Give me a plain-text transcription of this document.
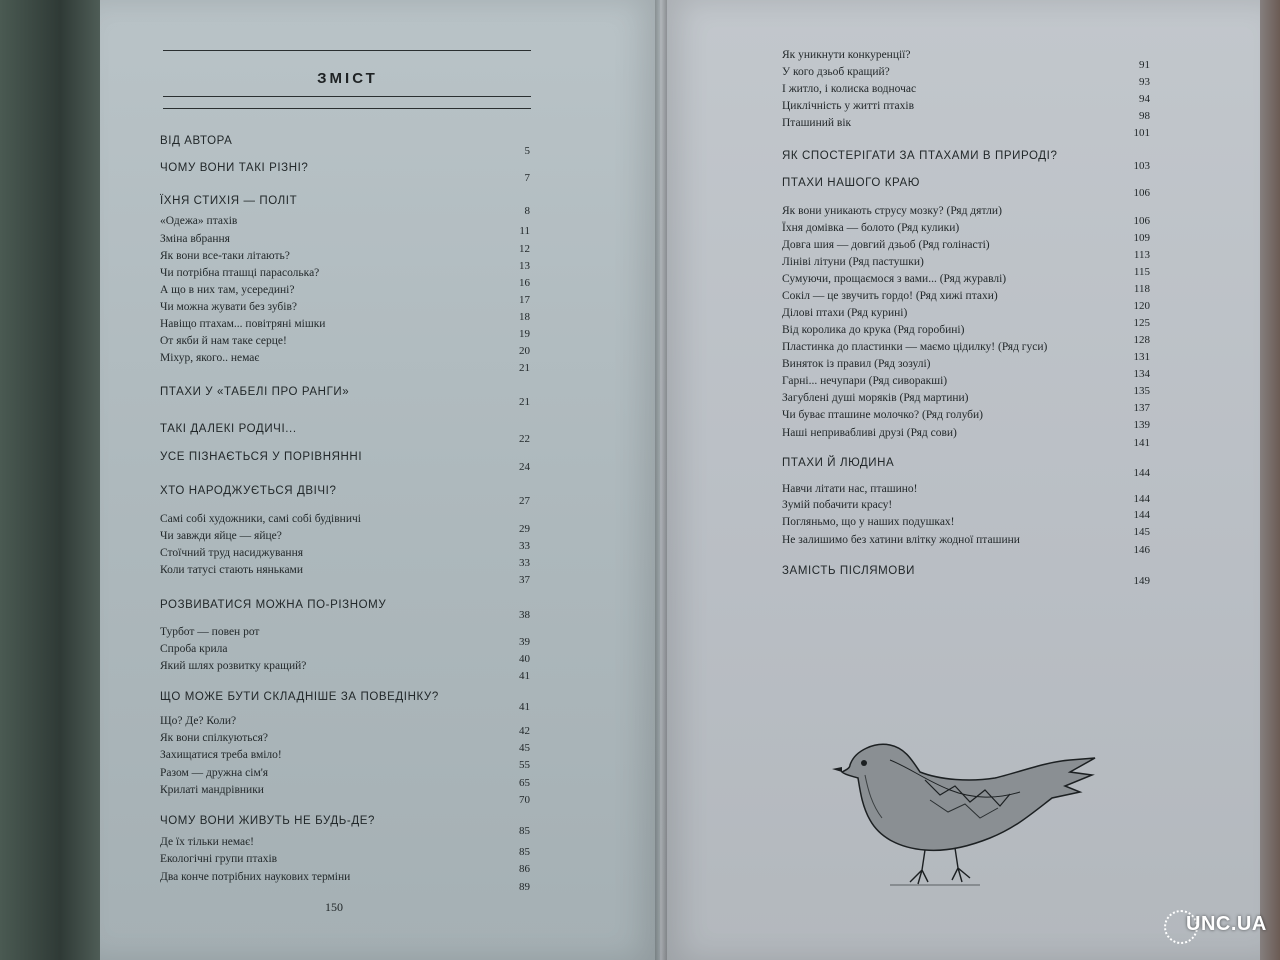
ЗМІСТ
ВІД АВТОРА
5
ЧОМУ ВОНИ ТАКІ РІЗНІ?
7
ЇХНЯ СТИХІЯ — ПОЛІТ
8
«Одежа» птахів
11
Зміна вбрання
12
Як вони все-таки літають?
13
Чи потрібна пташці парасолька?
16
А що в них там, усередині?
17
Чи можна жувати без зубів?
18
Навіщо птахам... повітряні мішки
19
От якби й нам таке серце!
20
Міхур, якого.. немає
21
ПТАХИ У «ТАБЕЛІ ПРО РАНГИ»
21
ТАКІ ДАЛЕКІ РОДИЧІ...
22
УСЕ ПІЗНАЄТЬСЯ У ПОРІВНЯННІ
24
ХТО НАРОДЖУЄТЬСЯ ДВІЧІ?
27
Самі собі художники, самі собі будівничі
29
Чи завжди яйце — яйце?
33
Стоїчний труд насиджування
33
Коли татусі стають няньками
37
РОЗВИВАТИСЯ МОЖНА ПО-РІЗНОМУ
38
Турбот — повен рот
39
Спроба крила
40
Який шлях розвитку кращий?
41
ЩО МОЖЕ БУТИ СКЛАДНІШЕ ЗА ПОВЕДІНКУ?
41
Що? Де? Коли?
42
Як вони спілкуються?
45
Захищатися треба вміло!
55
Разом — дружна сім'я
65
Крилаті мандрівники
70
ЧОМУ ВОНИ ЖИВУТЬ НЕ БУДЬ-ДЕ?
85
Де їх тільки немає!
85
Екологічні групи птахів
86
Два конче потрібних наукових терміни
89
Як уникнути конкуренції?
91
У кого дзьоб кращий?
93
І житло, і колиска водночас
94
Циклічність у житті птахів
98
Пташиний вік
101
ЯК СПОСТЕРІГАТИ ЗА ПТАХАМИ В ПРИРОДІ?
103
ПТАХИ НАШОГО КРАЮ
106
Як вони уникають струсу мозку? (Ряд дятли)
106
Їхня домівка — болото (Ряд кулики)
109
Довга шия — довгий дзьоб (Ряд голінасті)
113
Лініві літуни (Ряд пастушки)
115
Сумуючи, прощаємося з вами... (Ряд журавлі)
118
Сокіл — це звучить гордо! (Ряд хижі птахи)
120
Ділові птахи (Ряд курині)
125
Від королика до крука (Ряд горобині)
128
Пластинка до пластинки — маємо цідилку! (Ряд гуси)
131
Виняток із правил (Ряд зозулі)
134
Гарні... нечупари (Ряд сиворакші)
135
Загублені душі моряків (Ряд мартини)
137
Чи буває пташине молочко? (Ряд голуби)
139
Наші непривабливі друзі (Ряд сови)
141
ПТАХИ Й ЛЮДИНА
144
Навчи літати нас, пташино!
144
Зумій побачити красу!
144
Погляньмо, що у наших подушках!
145
Не залишимо без хатини влітку жодної пташини
146
ЗАМІСТЬ ПІСЛЯМОВИ
149
150
UNC.UA
